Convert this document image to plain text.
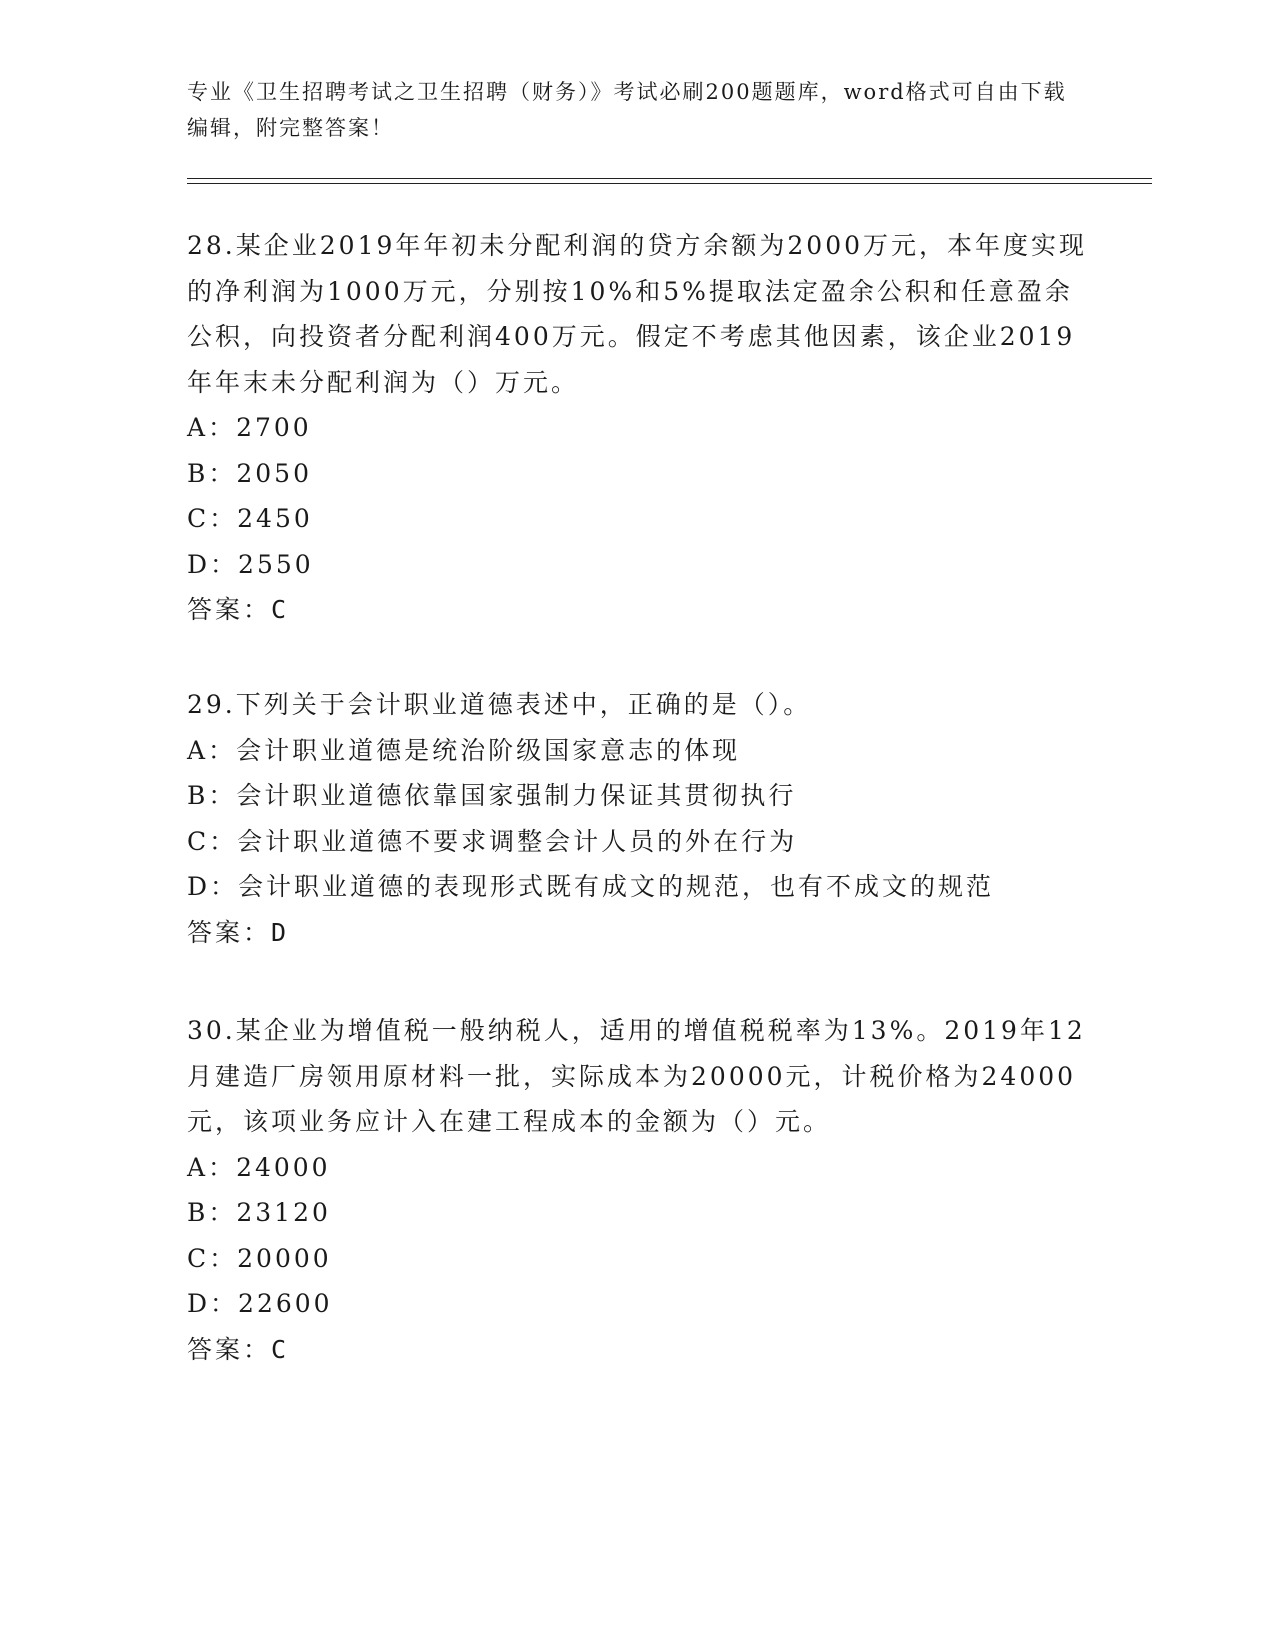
专业《卫生招聘考试之卫生招聘（财务）》考试必刷200题题库，word格式可自由下载编辑，附完整答案！

28.某企业2019年年初未分配利润的贷方余额为2000万元，本年度实现的净利润为1000万元，分别按10%和5%提取法定盈余公积和任意盈余公积，向投资者分配利润400万元。假定不考虑其他因素，该企业2019年年末未分配利润为（）万元。

A：2700
B：2050
C：2450
D：2550
答案：C

29.下列关于会计职业道德表述中，正确的是（）。

A：会计职业道德是统治阶级国家意志的体现
B：会计职业道德依靠国家强制力保证其贯彻执行
C：会计职业道德不要求调整会计人员的外在行为
D：会计职业道德的表现形式既有成文的规范，也有不成文的规范
答案：D

30.某企业为增值税一般纳税人，适用的增值税税率为13%。2019年12月建造厂房领用原材料一批，实际成本为20000元，计税价格为24000元，该项业务应计入在建工程成本的金额为（）元。

A：24000
B：23120
C：20000
D：22600
答案：C
